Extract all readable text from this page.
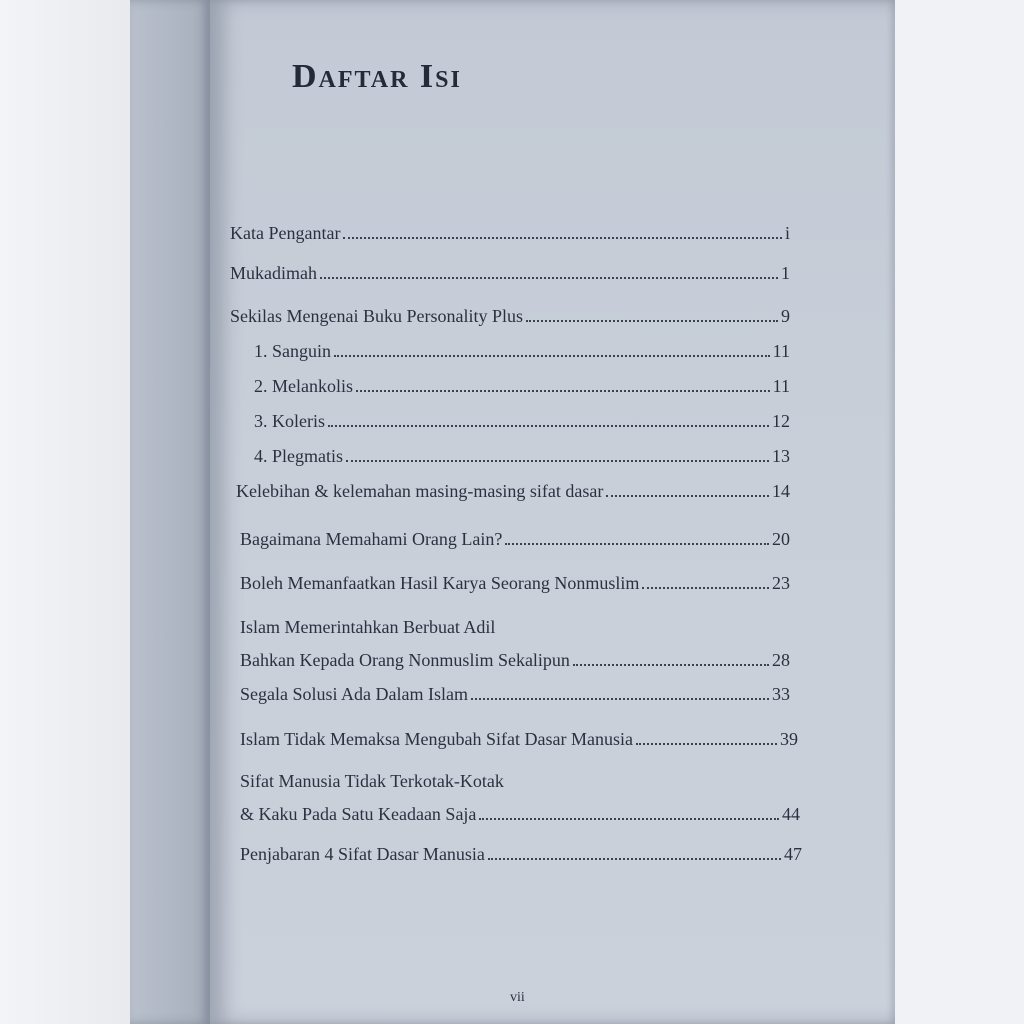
Daftar Isi
Kata Pengantar	i
Mukadimah	1
Sekilas Mengenai Buku Personality Plus	9
1. Sanguin	11
2. Melankolis	11
3. Koleris	12
4. Plegmatis	13
Kelebihan & kelemahan masing-masing sifat dasar	14
Bagaimana Memahami Orang Lain?	20
Boleh Memanfaatkan Hasil Karya Seorang Nonmuslim	23
Islam Memerintahkan Berbuat Adil
Bahkan Kepada Orang Nonmuslim Sekalipun	28
Segala Solusi Ada Dalam Islam	33
Islam Tidak Memaksa Mengubah Sifat Dasar Manusia	39
Sifat Manusia Tidak Terkotak-Kotak
& Kaku Pada Satu Keadaan Saja	44
Penjabaran 4 Sifat Dasar Manusia	47
vii
